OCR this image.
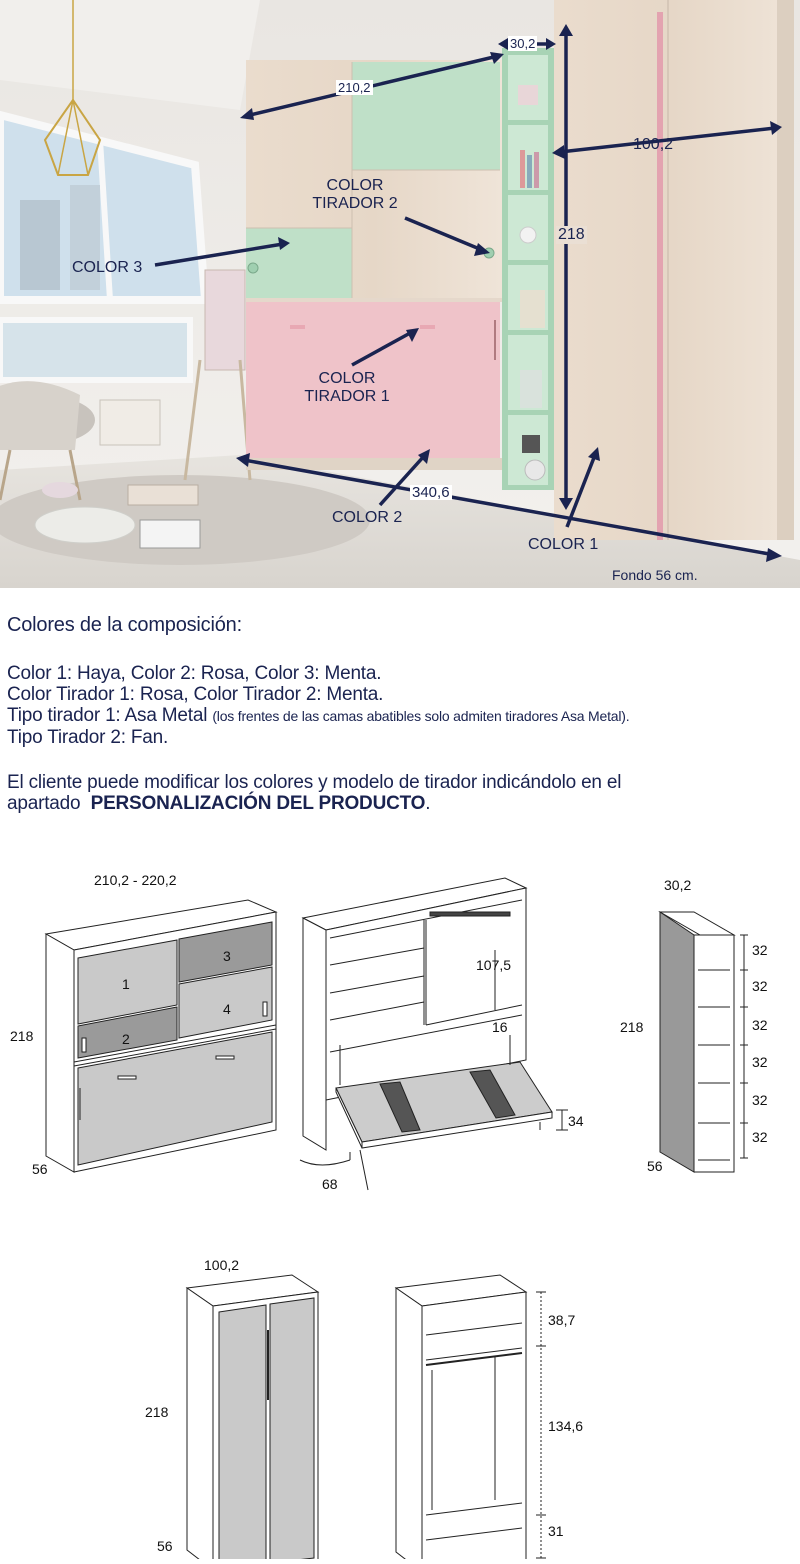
210,2
30,2
100,2
218
340,6
COLOR 3
COLOR
TIRADOR 2
COLOR
TIRADOR 1
COLOR 2
COLOR 1
Fondo 56 cm.
Colores de la composición:

Color 1: Haya, Color 2: Rosa, Color 3: Menta.

Color Tirador 1: Rosa, Color Tirador 2: Menta.

Tipo tirador 1: Asa Metal (los frentes de las camas abatibles solo admiten tiradores Asa Metal).

Tipo Tirador 2: Fan.

El cliente puede modificar los colores y modelo de tirador indicándolo en el

apartado PERSONALIZACIÓN DEL PRODUCTO.

210,2 - 220,2
218
56
1
2
3
4
107,5
16
34
68
30,2
218
56
32
32
32
32
32
32
100,2
218
56
38,7
134,6
31
